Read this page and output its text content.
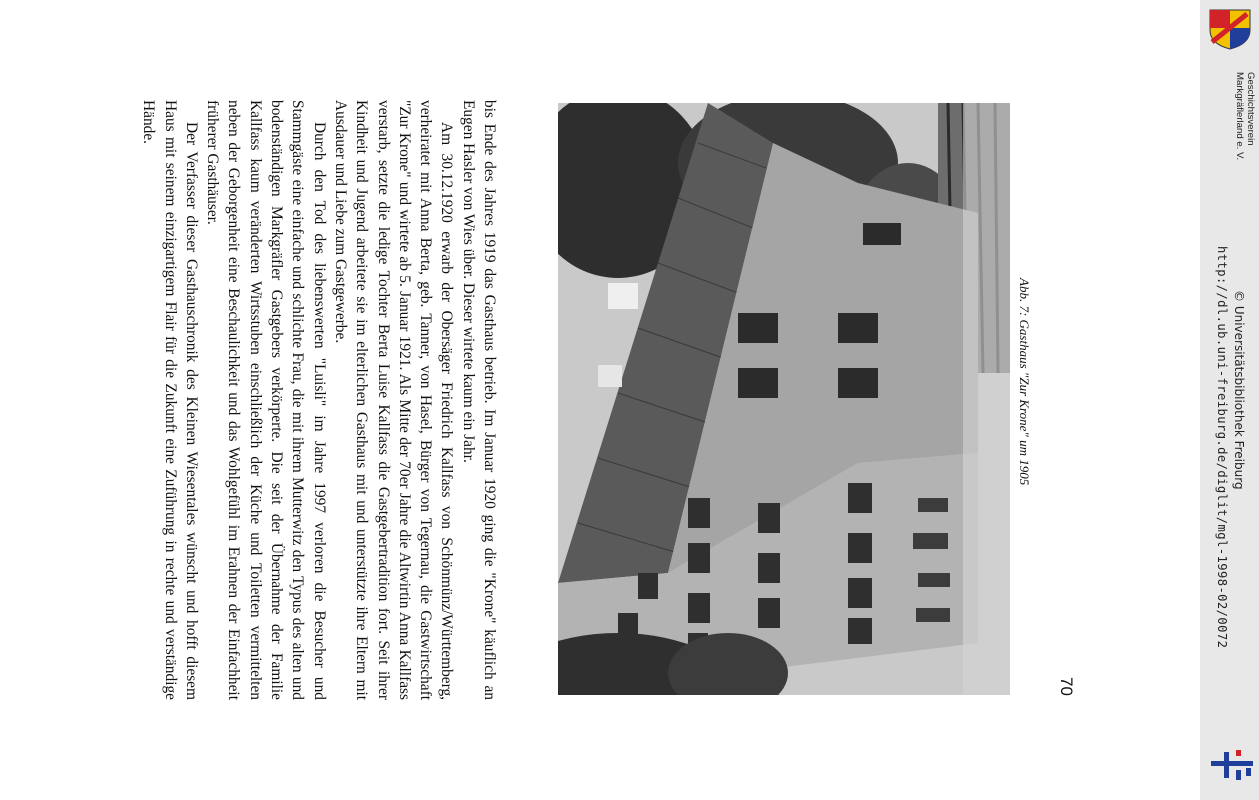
bis Ende des Jahres 1919 das Gasthaus betrieb. Im Januar 1920 ging die "Krone" käuflich an Eugen Hasler von Wies über. Dieser wirtete kaum ein Jahr.

Am 30.12.1920 erwarb der Obersäger Friedrich Kallfass von Schönmünz/Württemberg, verheiratet mit Anna Berta, geb. Tanner, von Hasel, Bürger von Tegernau, die Gastwirtschaft "Zur Krone" und wirtete ab 5. Januar 1921. Als Mitte der 70er Jahre die Altwirtin Anna Kallfass verstarb, setzte die ledige Tochter Berta Luise Kallfass die Gastgebertradition fort. Seit ihrer Kindheit und Jugend arbeitete sie im elterlichen Gasthaus mit und unterstützte ihre Eltern mit Ausdauer und Liebe zum Gastgewerbe.

Durch den Tod des liebenswerten "Luisli" im Jahre 1997 verloren die Besucher und Stammgäste eine einfache und schlichte Frau, die mit ihrem Mutterwitz den Typus des alten und bodenständigen Markgräfler Gastgebers verkörperte. Die seit der Übernahme der Familie Kallfass kaum veränderten Wirtsstuben einschließlich der Küche und Toiletten vermittelten neben der Geborgenheit eine Beschaulichkeit und das Wohlgefühl im Erahnen der Einfachheit früherer Gasthäuser.

Der Verfasser dieser Gasthauschronik des Kleinen Wiesentales wünscht und hofft diesem Haus mit seinem einzigartigem Flair für die Zukunft eine Zuführung in rechte und verständige Hände.

Abb. 7: Gasthaus "Zur Krone" um 1905
70
Geschichtsverein
Markgräflerland e. V.
http://dl.ub.uni-freiburg.de/diglit/mgl-1998-02/0072 © Universitätsbibliothek Freiburg
